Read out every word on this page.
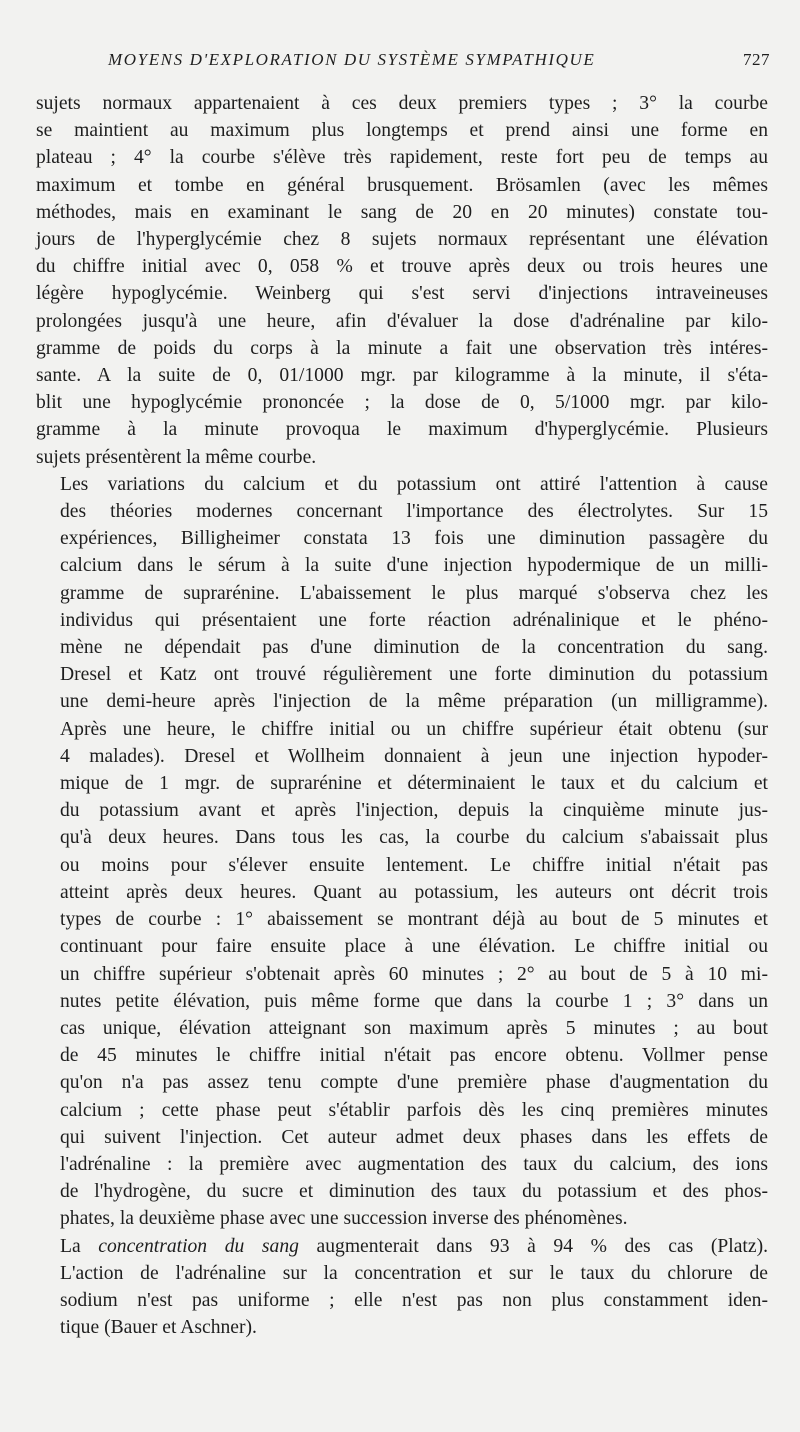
MOYENS D'EXPLORATION DU SYSTÈME SYMPATHIQUE	727

sujets normaux appartenaient à ces deux premiers types ; 3° la courbe
se maintient au maximum plus longtemps et prend ainsi une forme en
plateau ; 4° la courbe s'élève très rapidement, reste fort peu de temps au
maximum et tombe en général brusquement. Brösamlen (avec les mêmes
méthodes, mais en examinant le sang de 20 en 20 minutes) constate tou-
jours de l'hyperglycémie chez 8 sujets normaux représentant une élévation
du chiffre initial avec 0, 058 % et trouve après deux ou trois heures une
légère hypoglycémie. Weinberg qui s'est servi d'injections intraveineuses
prolongées jusqu'à une heure, afin d'évaluer la dose d'adrénaline par kilo-
gramme de poids du corps à la minute a fait une observation très intéres-
sante. A la suite de 0, 01/1000 mgr. par kilogramme à la minute, il s'éta-
blit une hypoglycémie prononcée ; la dose de 0, 5/1000 mgr. par kilo-
gramme à la minute provoqua le maximum d'hyperglycémie. Plusieurs
sujets présentèrent la même courbe.

Les variations du calcium et du potassium ont attiré l'attention à cause
des théories modernes concernant l'importance des électrolytes. Sur 15
expériences, Billigheimer constata 13 fois une diminution passagère du
calcium dans le sérum à la suite d'une injection hypodermique de un milli-
gramme de suprarénine. L'abaissement le plus marqué s'observa chez les
individus qui présentaient une forte réaction adrénalinique et le phéno-
mène ne dépendait pas d'une diminution de la concentration du sang.
Dresel et Katz ont trouvé régulièrement une forte diminution du potassium
une demi-heure après l'injection de la même préparation (un milligramme).
Après une heure, le chiffre initial ou un chiffre supérieur était obtenu (sur
4 malades). Dresel et Wollheim donnaient à jeun une injection hypoder-
mique de 1 mgr. de suprarénine et déterminaient le taux et du calcium et
du potassium avant et après l'injection, depuis la cinquième minute jus-
qu'à deux heures. Dans tous les cas, la courbe du calcium s'abaissait plus
ou moins pour s'élever ensuite lentement. Le chiffre initial n'était pas
atteint après deux heures. Quant au potassium, les auteurs ont décrit trois
types de courbe : 1° abaissement se montrant déjà au bout de 5 minutes et
continuant pour faire ensuite place à une élévation. Le chiffre initial ou
un chiffre supérieur s'obtenait après 60 minutes ; 2° au bout de 5 à 10 mi-
nutes petite élévation, puis même forme que dans la courbe 1 ; 3° dans un
cas unique, élévation atteignant son maximum après 5 minutes ; au bout
de 45 minutes le chiffre initial n'était pas encore obtenu. Vollmer pense
qu'on n'a pas assez tenu compte d'une première phase d'augmentation du
calcium ; cette phase peut s'établir parfois dès les cinq premières minutes
qui suivent l'injection. Cet auteur admet deux phases dans les effets de
l'adrénaline : la première avec augmentation des taux du calcium, des ions
de l'hydrogène, du sucre et diminution des taux du potassium et des phos-
phates, la deuxième phase avec une succession inverse des phénomènes.

La concentration du sang augmenterait dans 93 à 94 % des cas (Platz).
L'action de l'adrénaline sur la concentration et sur le taux du chlorure de
sodium n'est pas uniforme ; elle n'est pas non plus constamment iden-
tique (Bauer et Aschner).
